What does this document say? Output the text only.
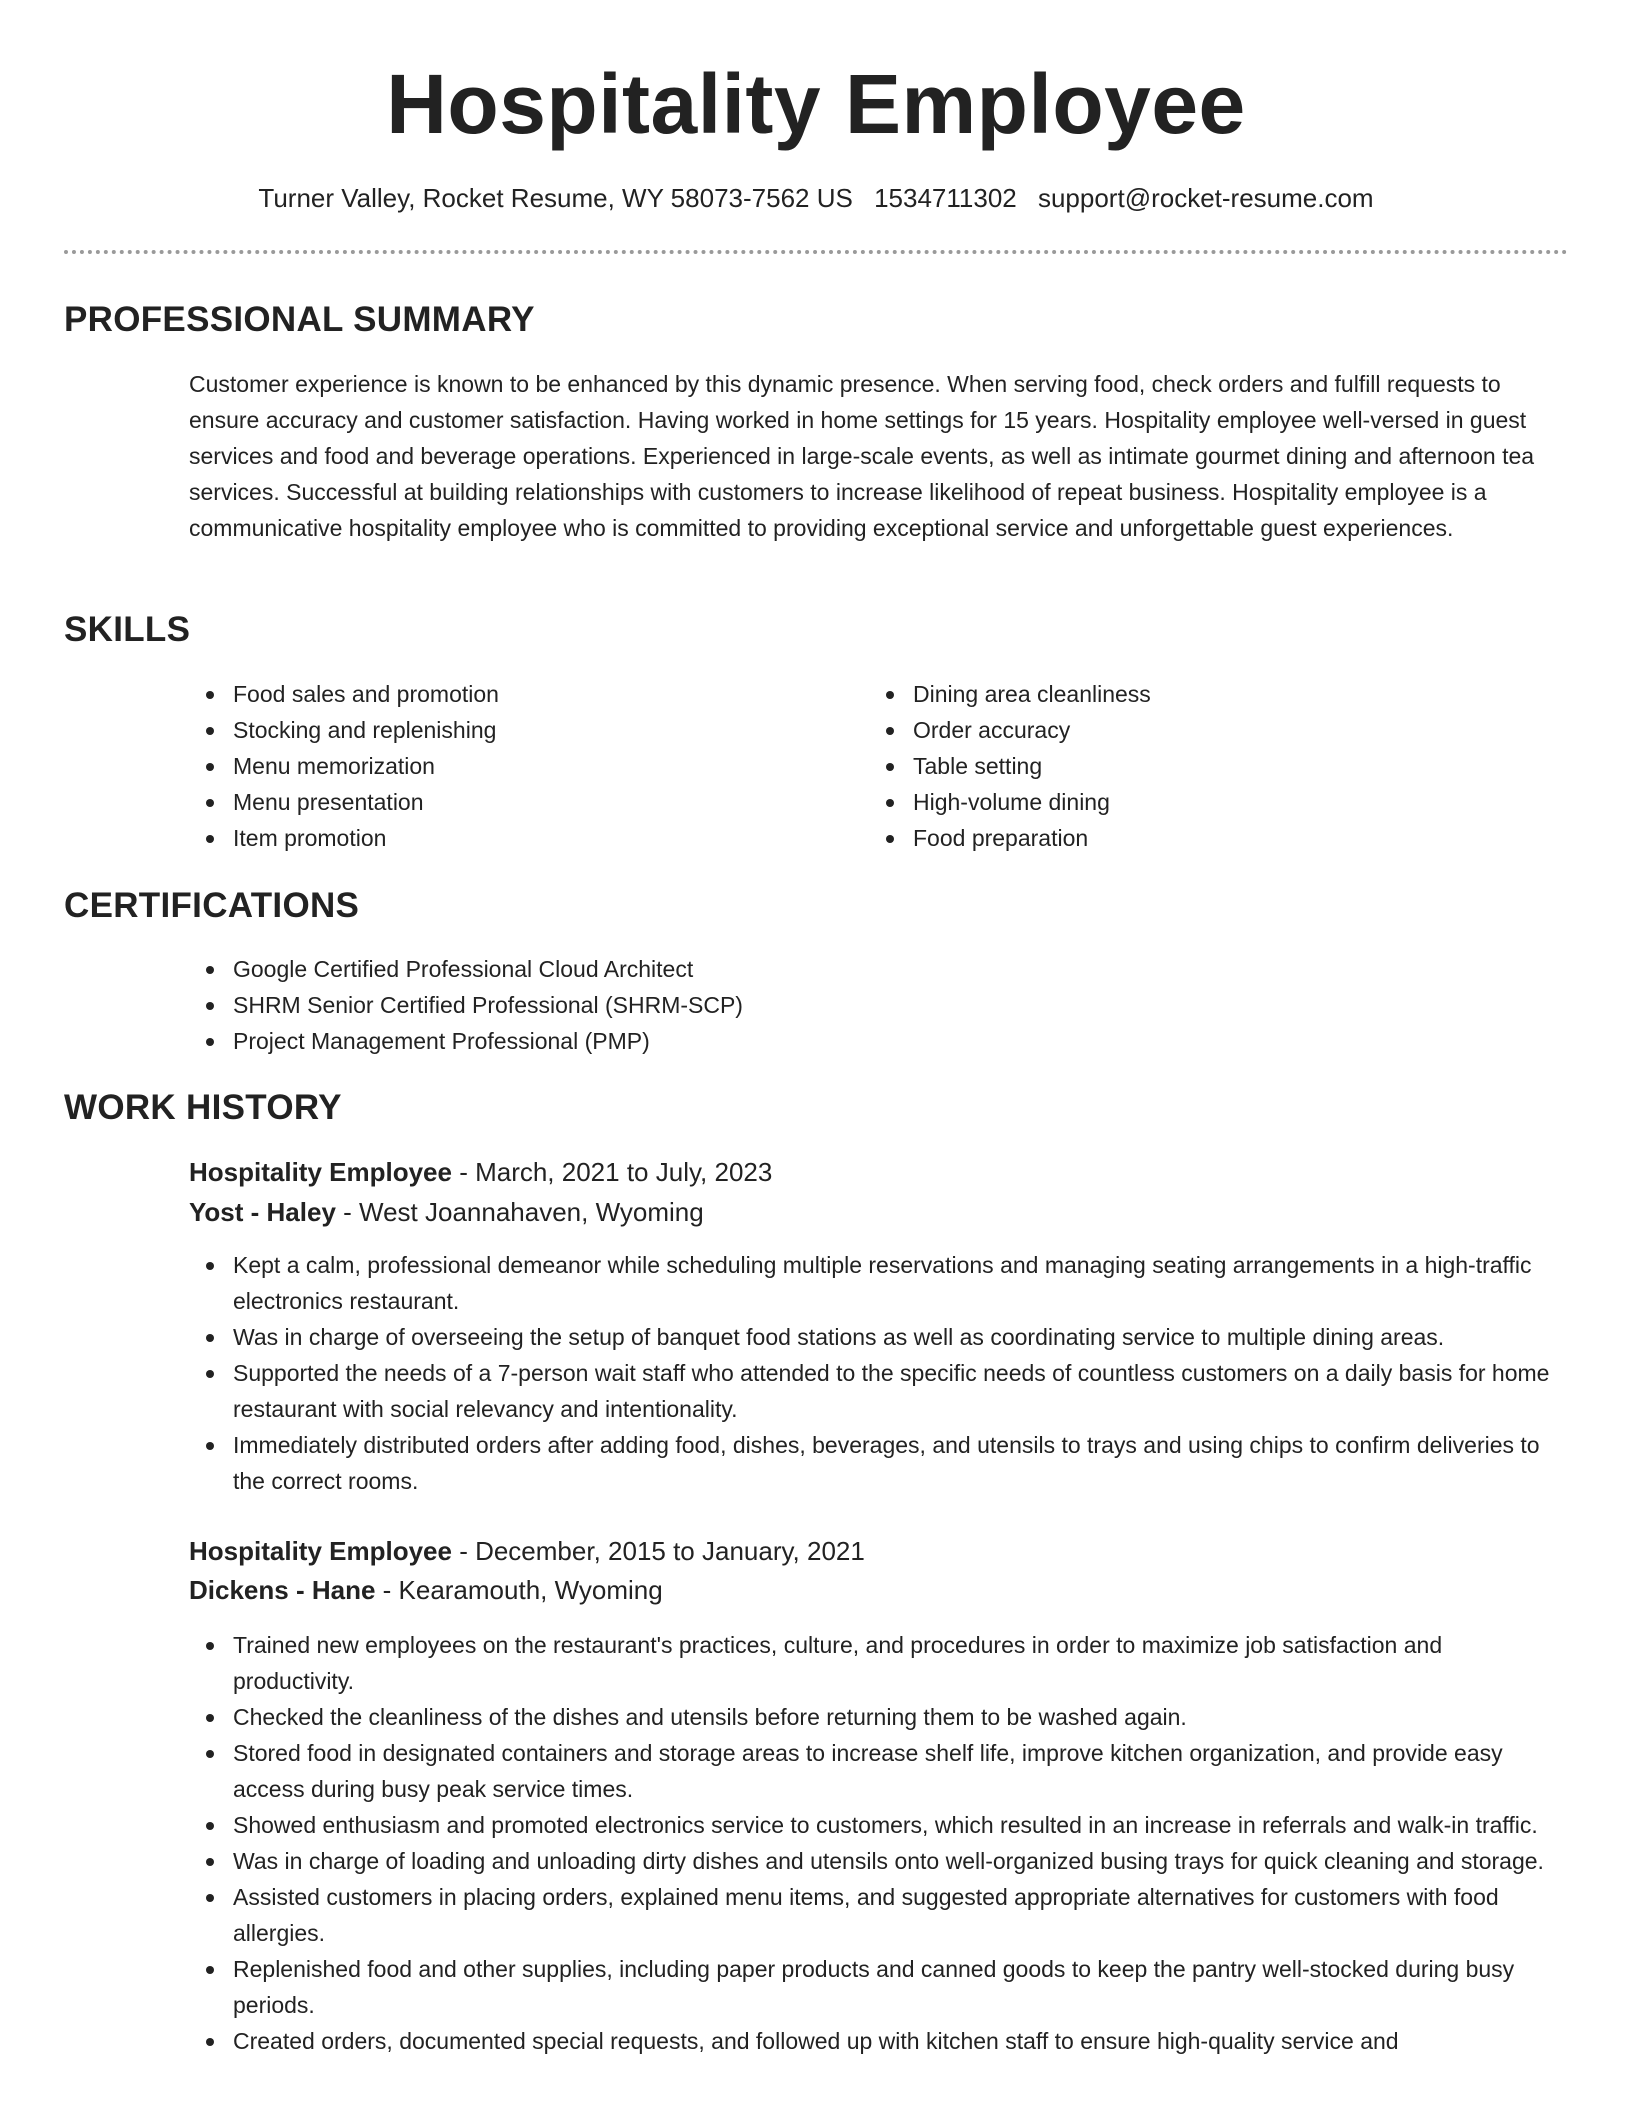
Hospitality Employee
Turner Valley, Rocket Resume, WY 58073-7562 US 1534711302 support@rocket-resume.com
PROFESSIONAL SUMMARY

Customer experience is known to be enhanced by this dynamic presence. When serving food, check orders and fulfill requests to ensure accuracy and customer satisfaction. Having worked in home settings for 15 years. Hospitality employee well-versed in guest services and food and beverage operations. Experienced in large-scale events, as well as intimate gourmet dining and afternoon tea services. Successful at building relationships with customers to increase likelihood of repeat business. Hospitality employee is a communicative hospitality employee who is committed to providing exceptional service and unforgettable guest experiences.

SKILLS
Food sales and promotion
Stocking and replenishing
Menu memorization
Menu presentation
Item promotion
Dining area cleanliness
Order accuracy
Table setting
High-volume dining
Food preparation
CERTIFICATIONS
Google Certified Professional Cloud Architect
SHRM Senior Certified Professional (SHRM-SCP)
Project Management Professional (PMP)
WORK HISTORY
Hospitality Employee - March, 2021 to July, 2023
Yost - Haley - West Joannahaven, Wyoming
Kept a calm, professional demeanor while scheduling multiple reservations and managing seating arrangements in a high-traffic electronics restaurant.
Was in charge of overseeing the setup of banquet food stations as well as coordinating service to multiple dining areas.
Supported the needs of a 7-person wait staff who attended to the specific needs of countless customers on a daily basis for home restaurant with social relevancy and intentionality.
Immediately distributed orders after adding food, dishes, beverages, and utensils to trays and using chips to confirm deliveries to the correct rooms.
Hospitality Employee - December, 2015 to January, 2021
Dickens - Hane - Kearamouth, Wyoming
Trained new employees on the restaurant's practices, culture, and procedures in order to maximize job satisfaction and productivity.
Checked the cleanliness of the dishes and utensils before returning them to be washed again.
Stored food in designated containers and storage areas to increase shelf life, improve kitchen organization, and provide easy access during busy peak service times.
Showed enthusiasm and promoted electronics service to customers, which resulted in an increase in referrals and walk-in traffic.
Was in charge of loading and unloading dirty dishes and utensils onto well-organized busing trays for quick cleaning and storage.
Assisted customers in placing orders, explained menu items, and suggested appropriate alternatives for customers with food allergies.
Replenished food and other supplies, including paper products and canned goods to keep the pantry well-stocked during busy periods.
Created orders, documented special requests, and followed up with kitchen staff to ensure high-quality service and
